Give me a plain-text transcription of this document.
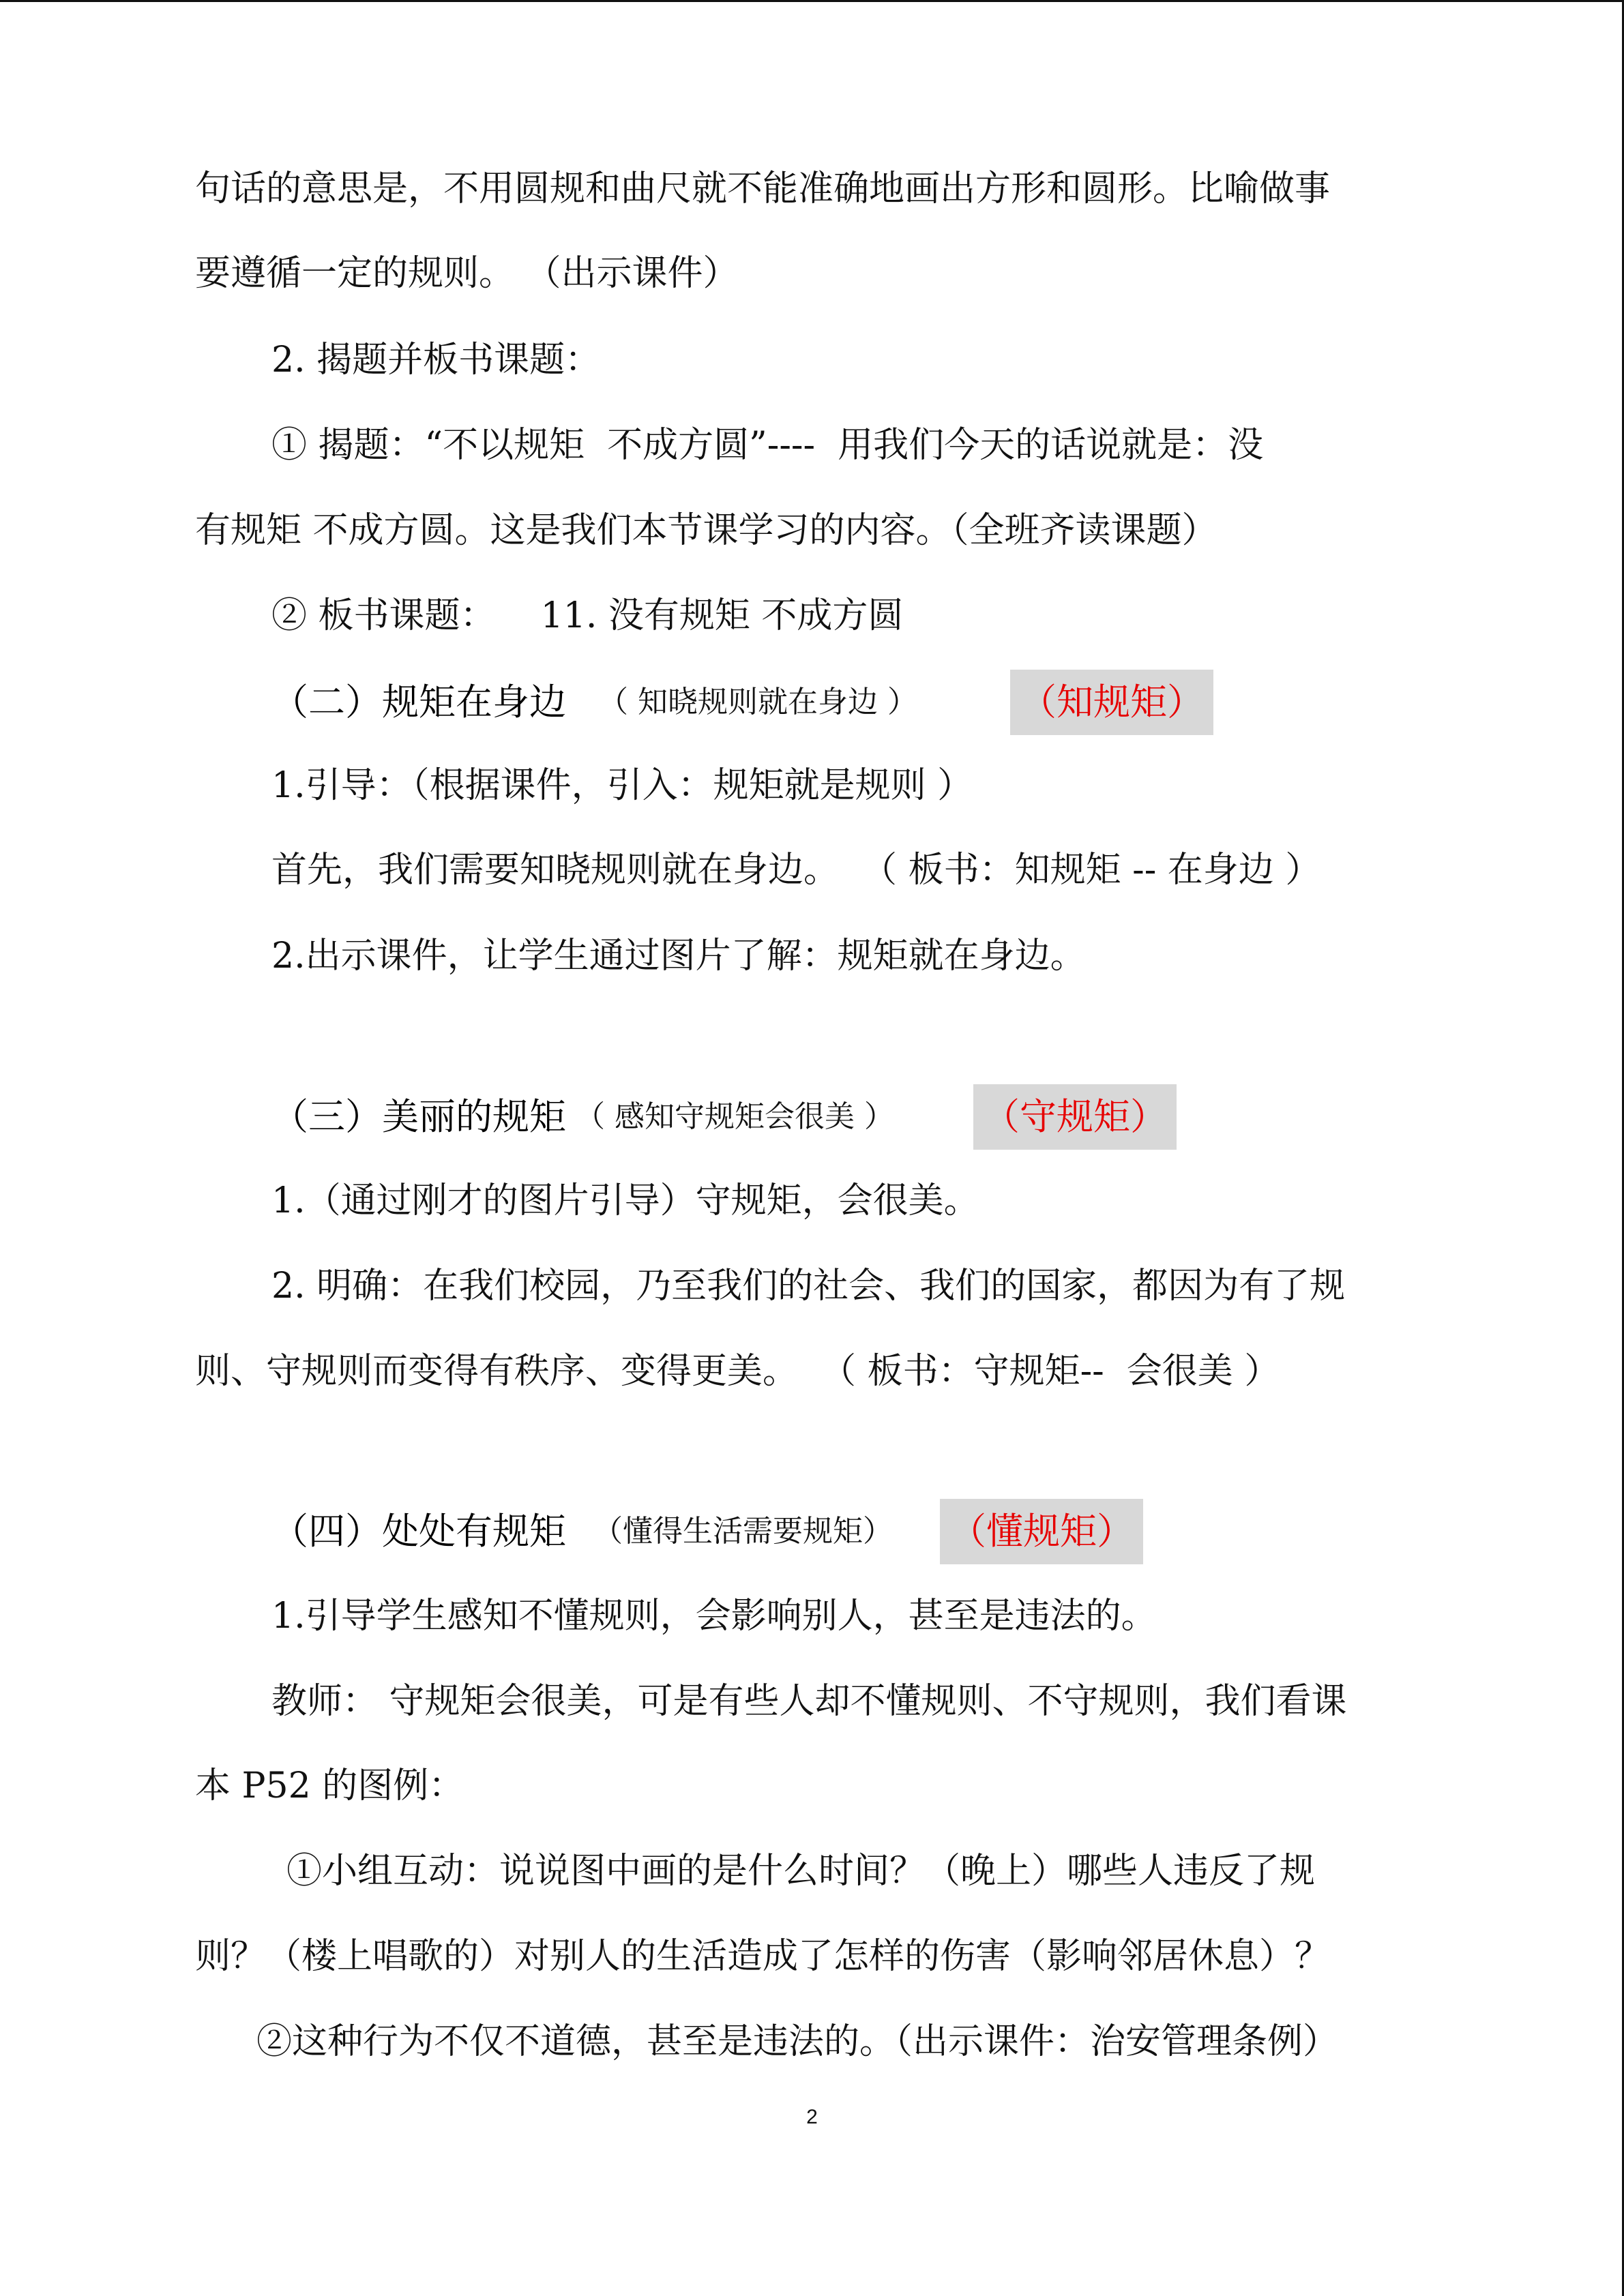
句话的意思是，不用圆规和曲尺就不能准确地画出方形和圆形。比喻做事
要遵循一定的规则。 （出示课件）
2. 揭题并板书课题：
① 揭题：“不以规矩  不成方圆”----  用我们今天的话说就是：没
有规矩 不成方圆。这是我们本节课学习的内容。（全班齐读课题）
② 板书课题：    11. 没有规矩 不成方圆
（二）规矩在身边 （ 知晓规则就在身边 ）	（知规矩）
1.引导：（根据课件，引入：规矩就是规则 ）
首先，我们需要知晓规则就在身边。  （ 板书：知规矩 -- 在身边 ）
2.出示课件，让学生通过图片了解：规矩就在身边。
（三）美丽的规矩 （ 感知守规矩会很美 ） （守规矩）
1.（通过刚才的图片引导）守规矩，会很美。
2. 明确：在我们校园，乃至我们的社会、我们的国家，都因为有了规
则、守规则而变得有秩序、变得更美。  （ 板书：守规矩--  会很美 ）
（四）处处有规矩 （懂得生活需要规矩） （懂规矩）
1.引导学生感知不懂规则，会影响别人，甚至是违法的。
教师： 守规矩会很美，可是有些人却不懂规则、不守规则，我们看课
本 P52 的图例：
①小组互动：说说图中画的是什么时间？（晚上）哪些人违反了规
则？（楼上唱歌的）对别人的生活造成了怎样的伤害（影响邻居休息）？
②这种行为不仅不道德，甚至是违法的。（出示课件：治安管理条例）
2
